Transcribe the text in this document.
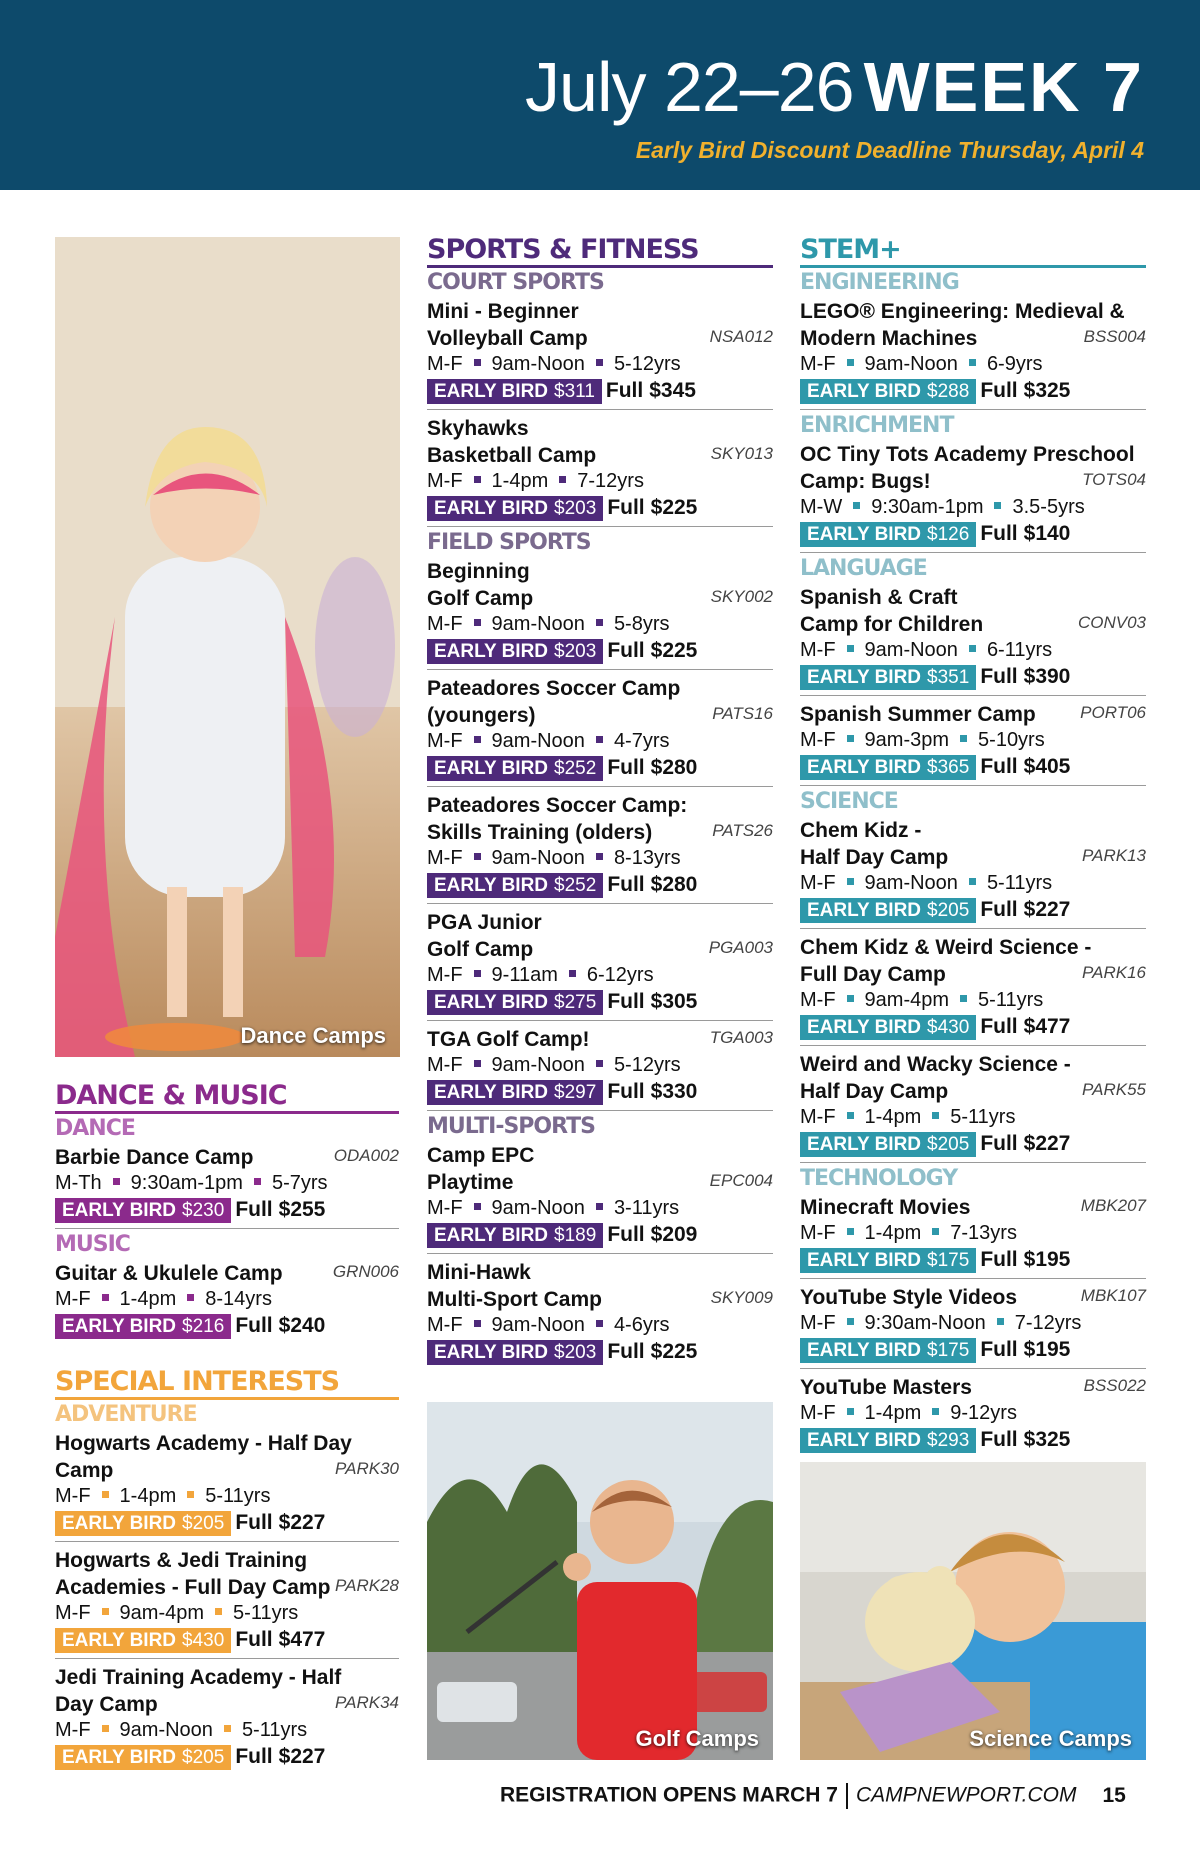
July 22–26 WEEK 7
Early Bird Discount Deadline Thursday, April 4
Dance Camps
DANCE & MUSIC
DANCE
Barbie Dance Camp	ODA002
M-Th 9:30am-1pm 5-7yrs
EARLY BIRD $230 Full $255
MUSIC
Guitar & Ukulele Camp	GRN006
M-F 1-4pm 8-14yrs
EARLY BIRD $216 Full $240
SPECIAL INTERESTS
ADVENTURE
Hogwarts Academy - Half Day
Camp	PARK30
M-F 1-4pm 5-11yrs
EARLY BIRD $205 Full $227
Hogwarts & Jedi Training
Academies - Full Day Camp PARK28
M-F 9am-4pm 5-11yrs
EARLY BIRD $430 Full $477
Jedi Training Academy - Half
Day Camp	PARK34
M-F 9am-Noon 5-11yrs
EARLY BIRD $205 Full $227
SPORTS & FITNESS
COURT SPORTS
Mini - Beginner
Volleyball Camp	NSA012
M-F 9am-Noon 5-12yrs
EARLY BIRD $311 Full $345
Skyhawks
Basketball Camp	SKY013
M-F 1-4pm 7-12yrs
EARLY BIRD $203 Full $225
FIELD SPORTS
Beginning
Golf Camp	SKY002
M-F 9am-Noon 5-8yrs
EARLY BIRD $203 Full $225
Pateadores Soccer Camp
(youngers)	PATS16
M-F 9am-Noon 4-7yrs
EARLY BIRD $252 Full $280
Pateadores Soccer Camp:
Skills Training (olders)	PATS26
M-F 9am-Noon 8-13yrs
EARLY BIRD $252 Full $280
PGA Junior
Golf Camp	PGA003
M-F 9-11am 6-12yrs
EARLY BIRD $275 Full $305
TGA Golf Camp!	TGA003
M-F 9am-Noon 5-12yrs
EARLY BIRD $297 Full $330
MULTI-SPORTS
Camp EPC
Playtime	EPC004
M-F 9am-Noon 3-11yrs
EARLY BIRD $189 Full $209
Mini-Hawk
Multi-Sport Camp	SKY009
M-F 9am-Noon 4-6yrs
EARLY BIRD $203 Full $225
Golf Camps
STEM+
ENGINEERING
LEGO® Engineering: Medieval &
Modern Machines	BSS004
M-F 9am-Noon 6-9yrs
EARLY BIRD $288 Full $325
ENRICHMENT
OC Tiny Tots Academy Preschool
Camp: Bugs!	TOTS04
M-W 9:30am-1pm 3.5-5yrs
EARLY BIRD $126 Full $140
LANGUAGE
Spanish & Craft
Camp for Children	CONV03
M-F 9am-Noon 6-11yrs
EARLY BIRD $351 Full $390
Spanish Summer Camp	PORT06
M-F 9am-3pm 5-10yrs
EARLY BIRD $365 Full $405
SCIENCE
Chem Kidz -
Half Day Camp	PARK13
M-F 9am-Noon 5-11yrs
EARLY BIRD $205 Full $227
Chem Kidz & Weird Science -
Full Day Camp	PARK16
M-F 9am-4pm 5-11yrs
EARLY BIRD $430 Full $477
Weird and Wacky Science -
Half Day Camp	PARK55
M-F 1-4pm 5-11yrs
EARLY BIRD $205 Full $227
TECHNOLOGY
Minecraft Movies	MBK207
M-F 1-4pm 7-13yrs
EARLY BIRD $175 Full $195
YouTube Style Videos	MBK107
M-F 9:30am-Noon 7-12yrs
EARLY BIRD $175 Full $195
YouTube Masters	BSS022
M-F 1-4pm 9-12yrs
EARLY BIRD $293 Full $325
Science Camps
REGISTRATION OPENS MARCH 7 CAMPNEWPORT.COM 15
